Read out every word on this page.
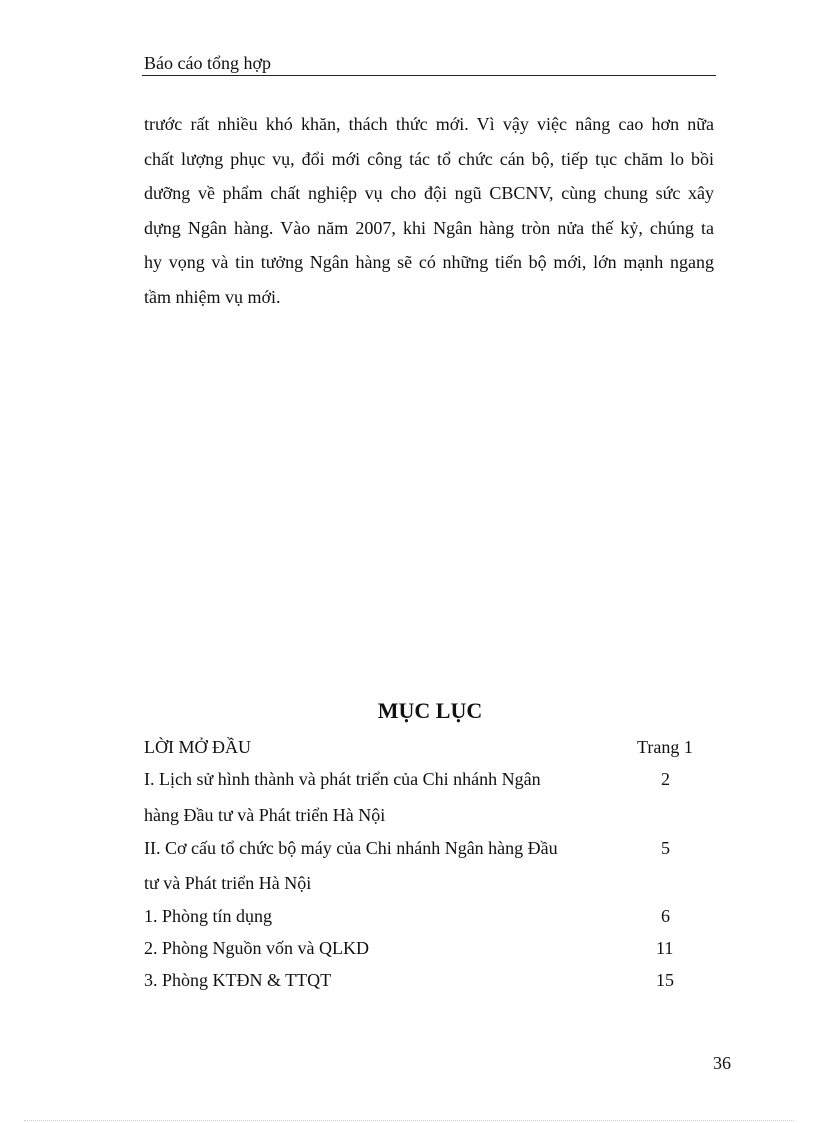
Báo cáo tổng hợp
trước rất nhiều khó khăn, thách thức mới. Vì vậy việc nâng cao hơn nữa
chất lượng phục vụ, đổi mới công tác tổ chức cán bộ, tiếp tục chăm lo bồi
dưỡng về phẩm chất nghiệp vụ cho đội ngũ CBCNV, cùng chung sức xây
dựng Ngân hàng. Vào năm 2007, khi Ngân hàng tròn nửa thế kỷ, chúng ta
hy vọng và tin tưởng Ngân hàng sẽ có những tiến bộ mới, lớn mạnh ngang
tầm nhiệm vụ mới.
MỤC LỤC
LỜI MỞ ĐẦU	Trang 1
I. Lịch sử hình thành và phát triển của Chi nhánh Ngân	2
hàng Đầu tư và Phát triển Hà Nội
II. Cơ cấu tổ chức bộ máy của Chi nhánh Ngân hàng Đầu	5
tư và Phát triển Hà Nội
1. Phòng tín dụng	6
2. Phòng Nguồn vốn và QLKD	11
3. Phòng KTĐN & TTQT	15
36
